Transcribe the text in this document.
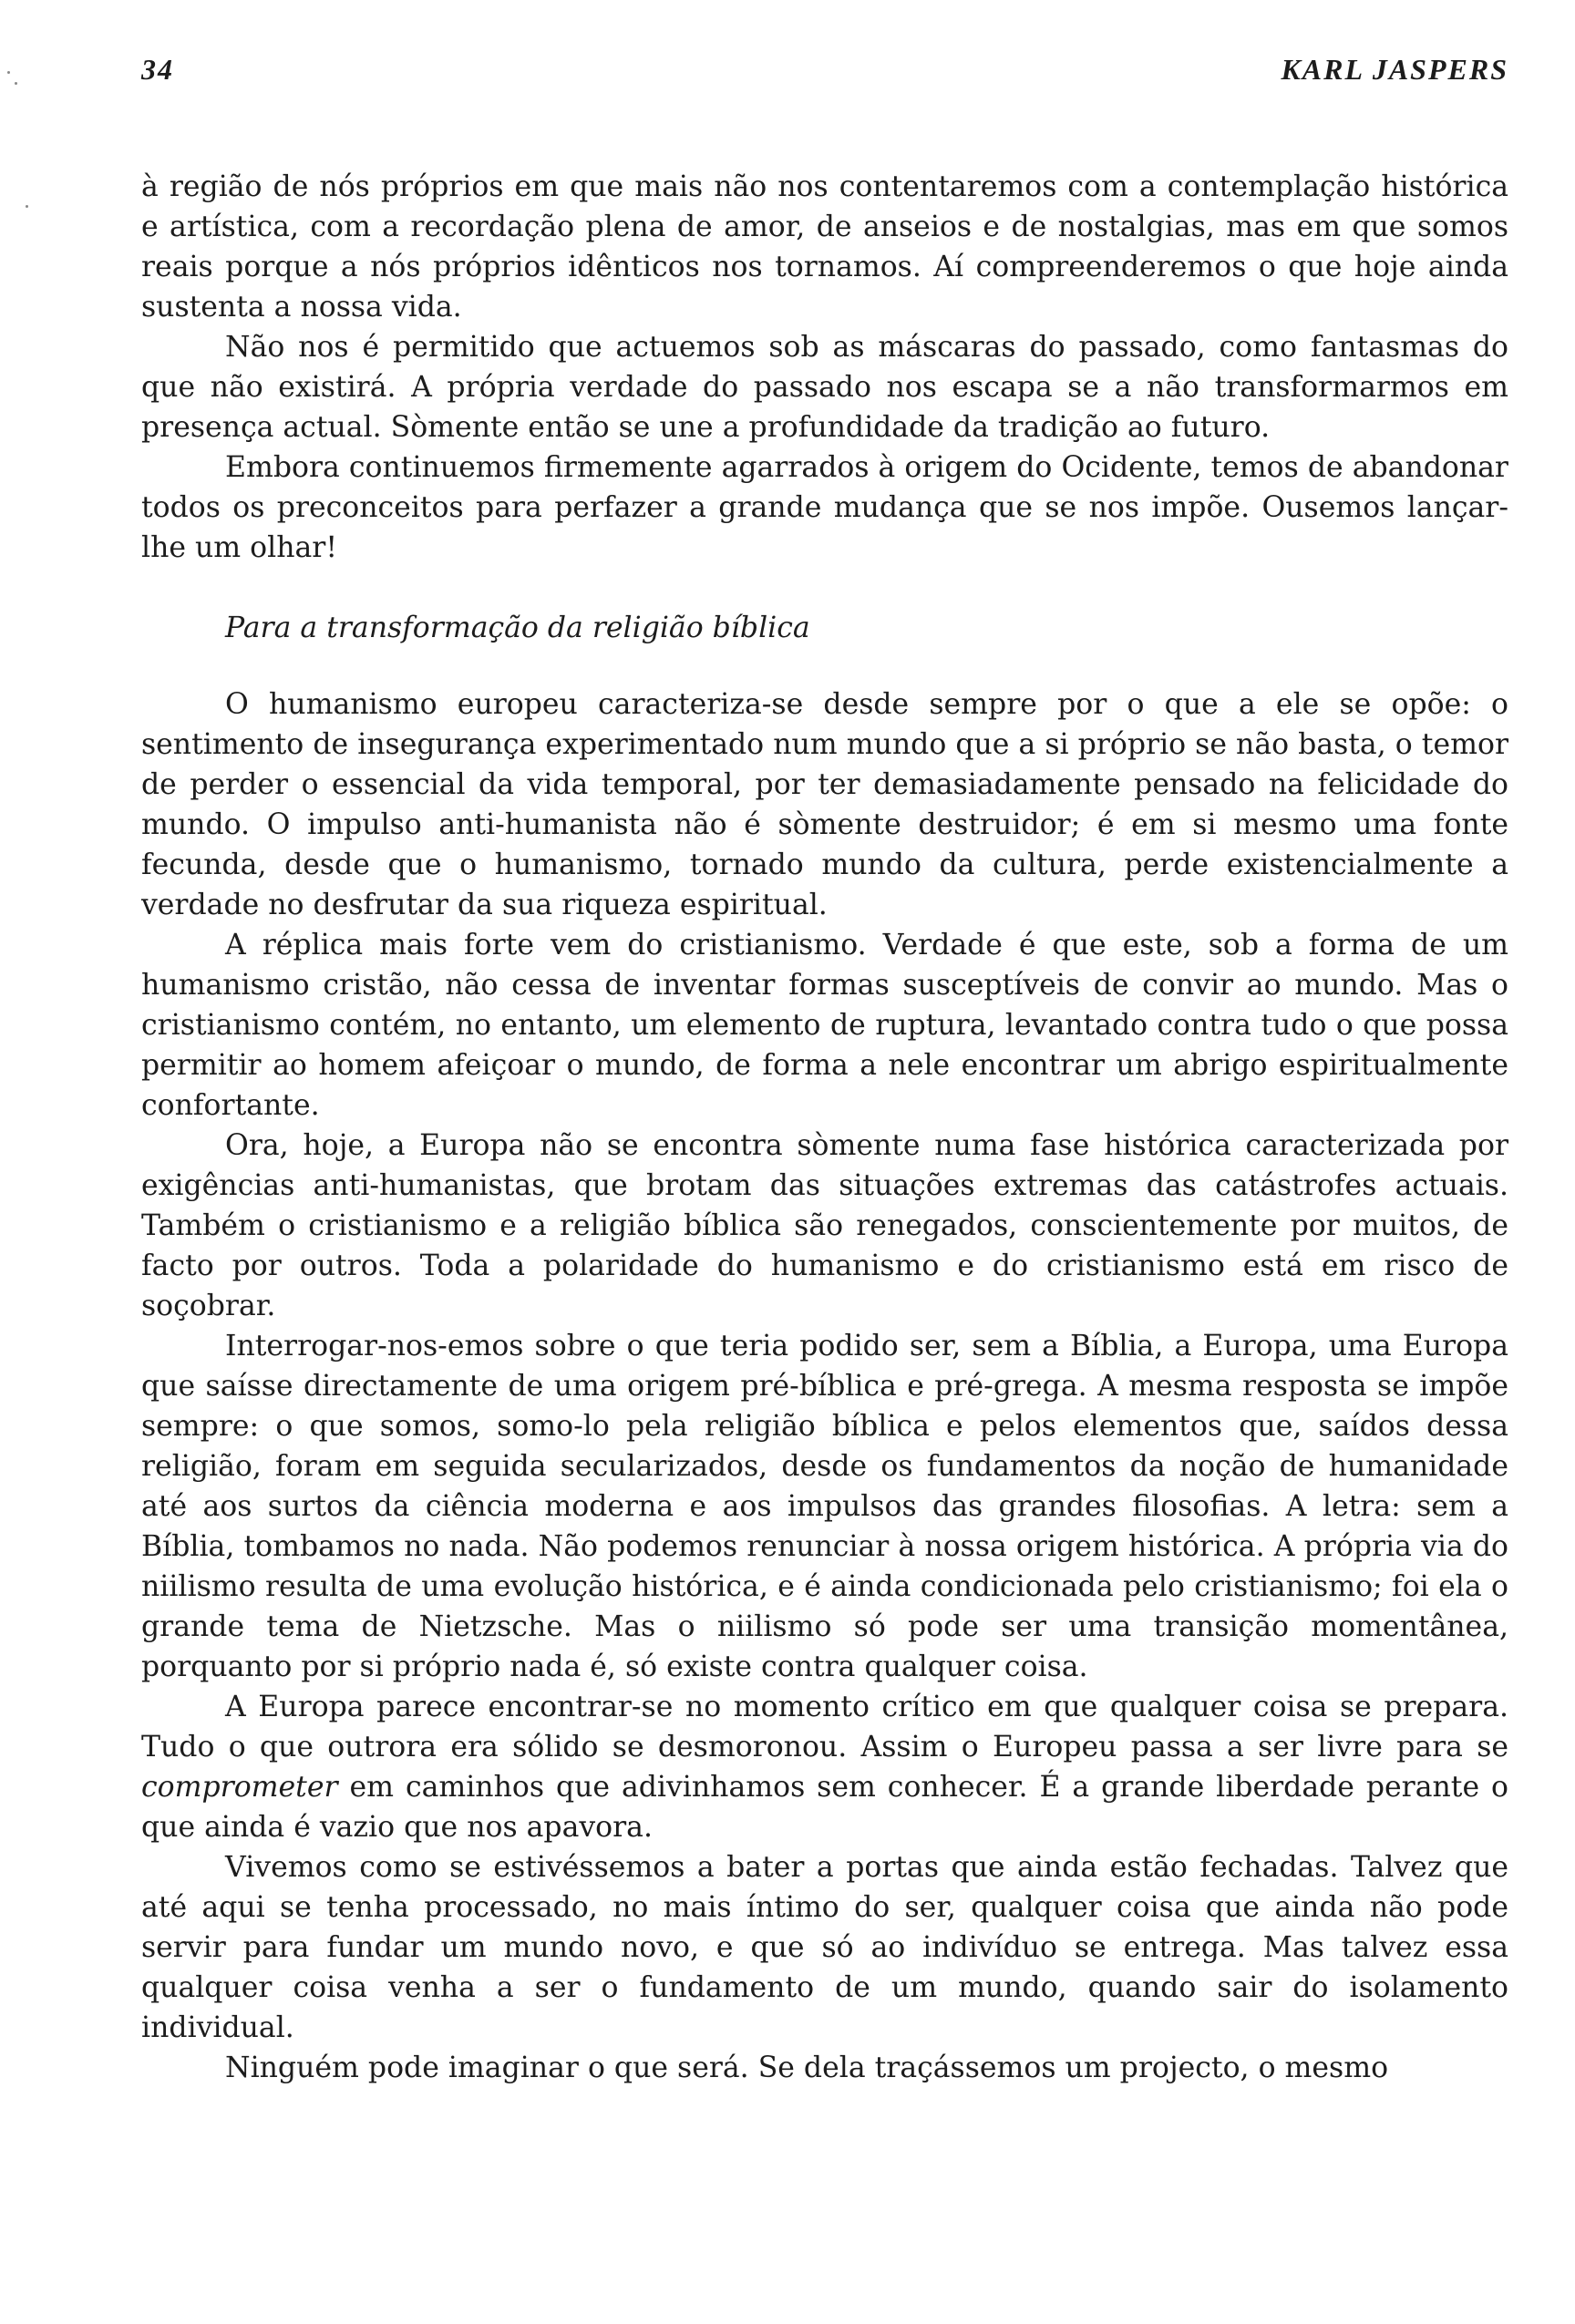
34	KARL JASPERS

à região de nós próprios em que mais não nos contentaremos com a contemplação histórica e artística, com a recordação plena de amor, de anseios e de nostalgias, mas em que somos reais porque a nós próprios idênticos nos tornamos. Aí compreenderemos o que hoje ainda sustenta a nossa vida.

Não nos é permitido que actuemos sob as máscaras do passado, como fantasmas do que não existirá. A própria verdade do passado nos escapa se a não transformarmos em presença actual. Sòmente então se une a profundidade da tradição ao futuro.

Embora continuemos firmemente agarrados à origem do Ocidente, temos de abandonar todos os preconceitos para perfazer a grande mudança que se nos impõe. Ousemos lançar-lhe um olhar!

Para a transformação da religião bíblica

O humanismo europeu caracteriza-se desde sempre por o que a ele se opõe: o sentimento de insegurança experimentado num mundo que a si próprio se não basta, o temor de perder o essencial da vida temporal, por ter demasiadamente pensado na felicidade do mundo. O impulso anti-humanista não é sòmente destruidor; é em si mesmo uma fonte fecunda, desde que o humanismo, tornado mundo da cultura, perde existencialmente a verdade no desfrutar da sua riqueza espiritual.

A réplica mais forte vem do cristianismo. Verdade é que este, sob a forma de um humanismo cristão, não cessa de inventar formas susceptíveis de convir ao mundo. Mas o cristianismo contém, no entanto, um elemento de ruptura, levantado contra tudo o que possa permitir ao homem afeiçoar o mundo, de forma a nele encontrar um abrigo espiritualmente confortante.

Ora, hoje, a Europa não se encontra sòmente numa fase histórica caracterizada por exigências anti-humanistas, que brotam das situações extremas das catástrofes actuais. Também o cristianismo e a religião bíblica são renegados, conscientemente por muitos, de facto por outros. Toda a polaridade do humanismo e do cristianismo está em risco de soçobrar.

Interrogar-nos-emos sobre o que teria podido ser, sem a Bíblia, a Europa, uma Europa que saísse directamente de uma origem pré-bíblica e pré-grega. A mesma resposta se impõe sempre: o que somos, somo-lo pela religião bíblica e pelos elementos que, saídos dessa religião, foram em seguida secularizados, desde os fundamentos da noção de humanidade até aos surtos da ciência moderna e aos impulsos das grandes filosofias. A letra: sem a Bíblia, tombamos no nada. Não podemos renunciar à nossa origem histórica. A própria via do niilismo resulta de uma evolução histórica, e é ainda condicionada pelo cristianismo; foi ela o grande tema de Nietzsche. Mas o niilismo só pode ser uma transição momentânea, porquanto por si próprio nada é, só existe contra qualquer coisa.

A Europa parece encontrar-se no momento crítico em que qualquer coisa se prepara. Tudo o que outrora era sólido se desmoronou. Assim o Europeu passa a ser livre para se comprometer em caminhos que adivinhamos sem conhecer. É a grande liberdade perante o que ainda é vazio que nos apavora.

Vivemos como se estivéssemos a bater a portas que ainda estão fechadas. Talvez que até aqui se tenha processado, no mais íntimo do ser, qualquer coisa que ainda não pode servir para fundar um mundo novo, e que só ao indivíduo se entrega. Mas talvez essa qualquer coisa venha a ser o fundamento de um mundo, quando sair do isolamento individual.

Ninguém pode imaginar o que será. Se dela traçássemos um projecto, o mesmo
